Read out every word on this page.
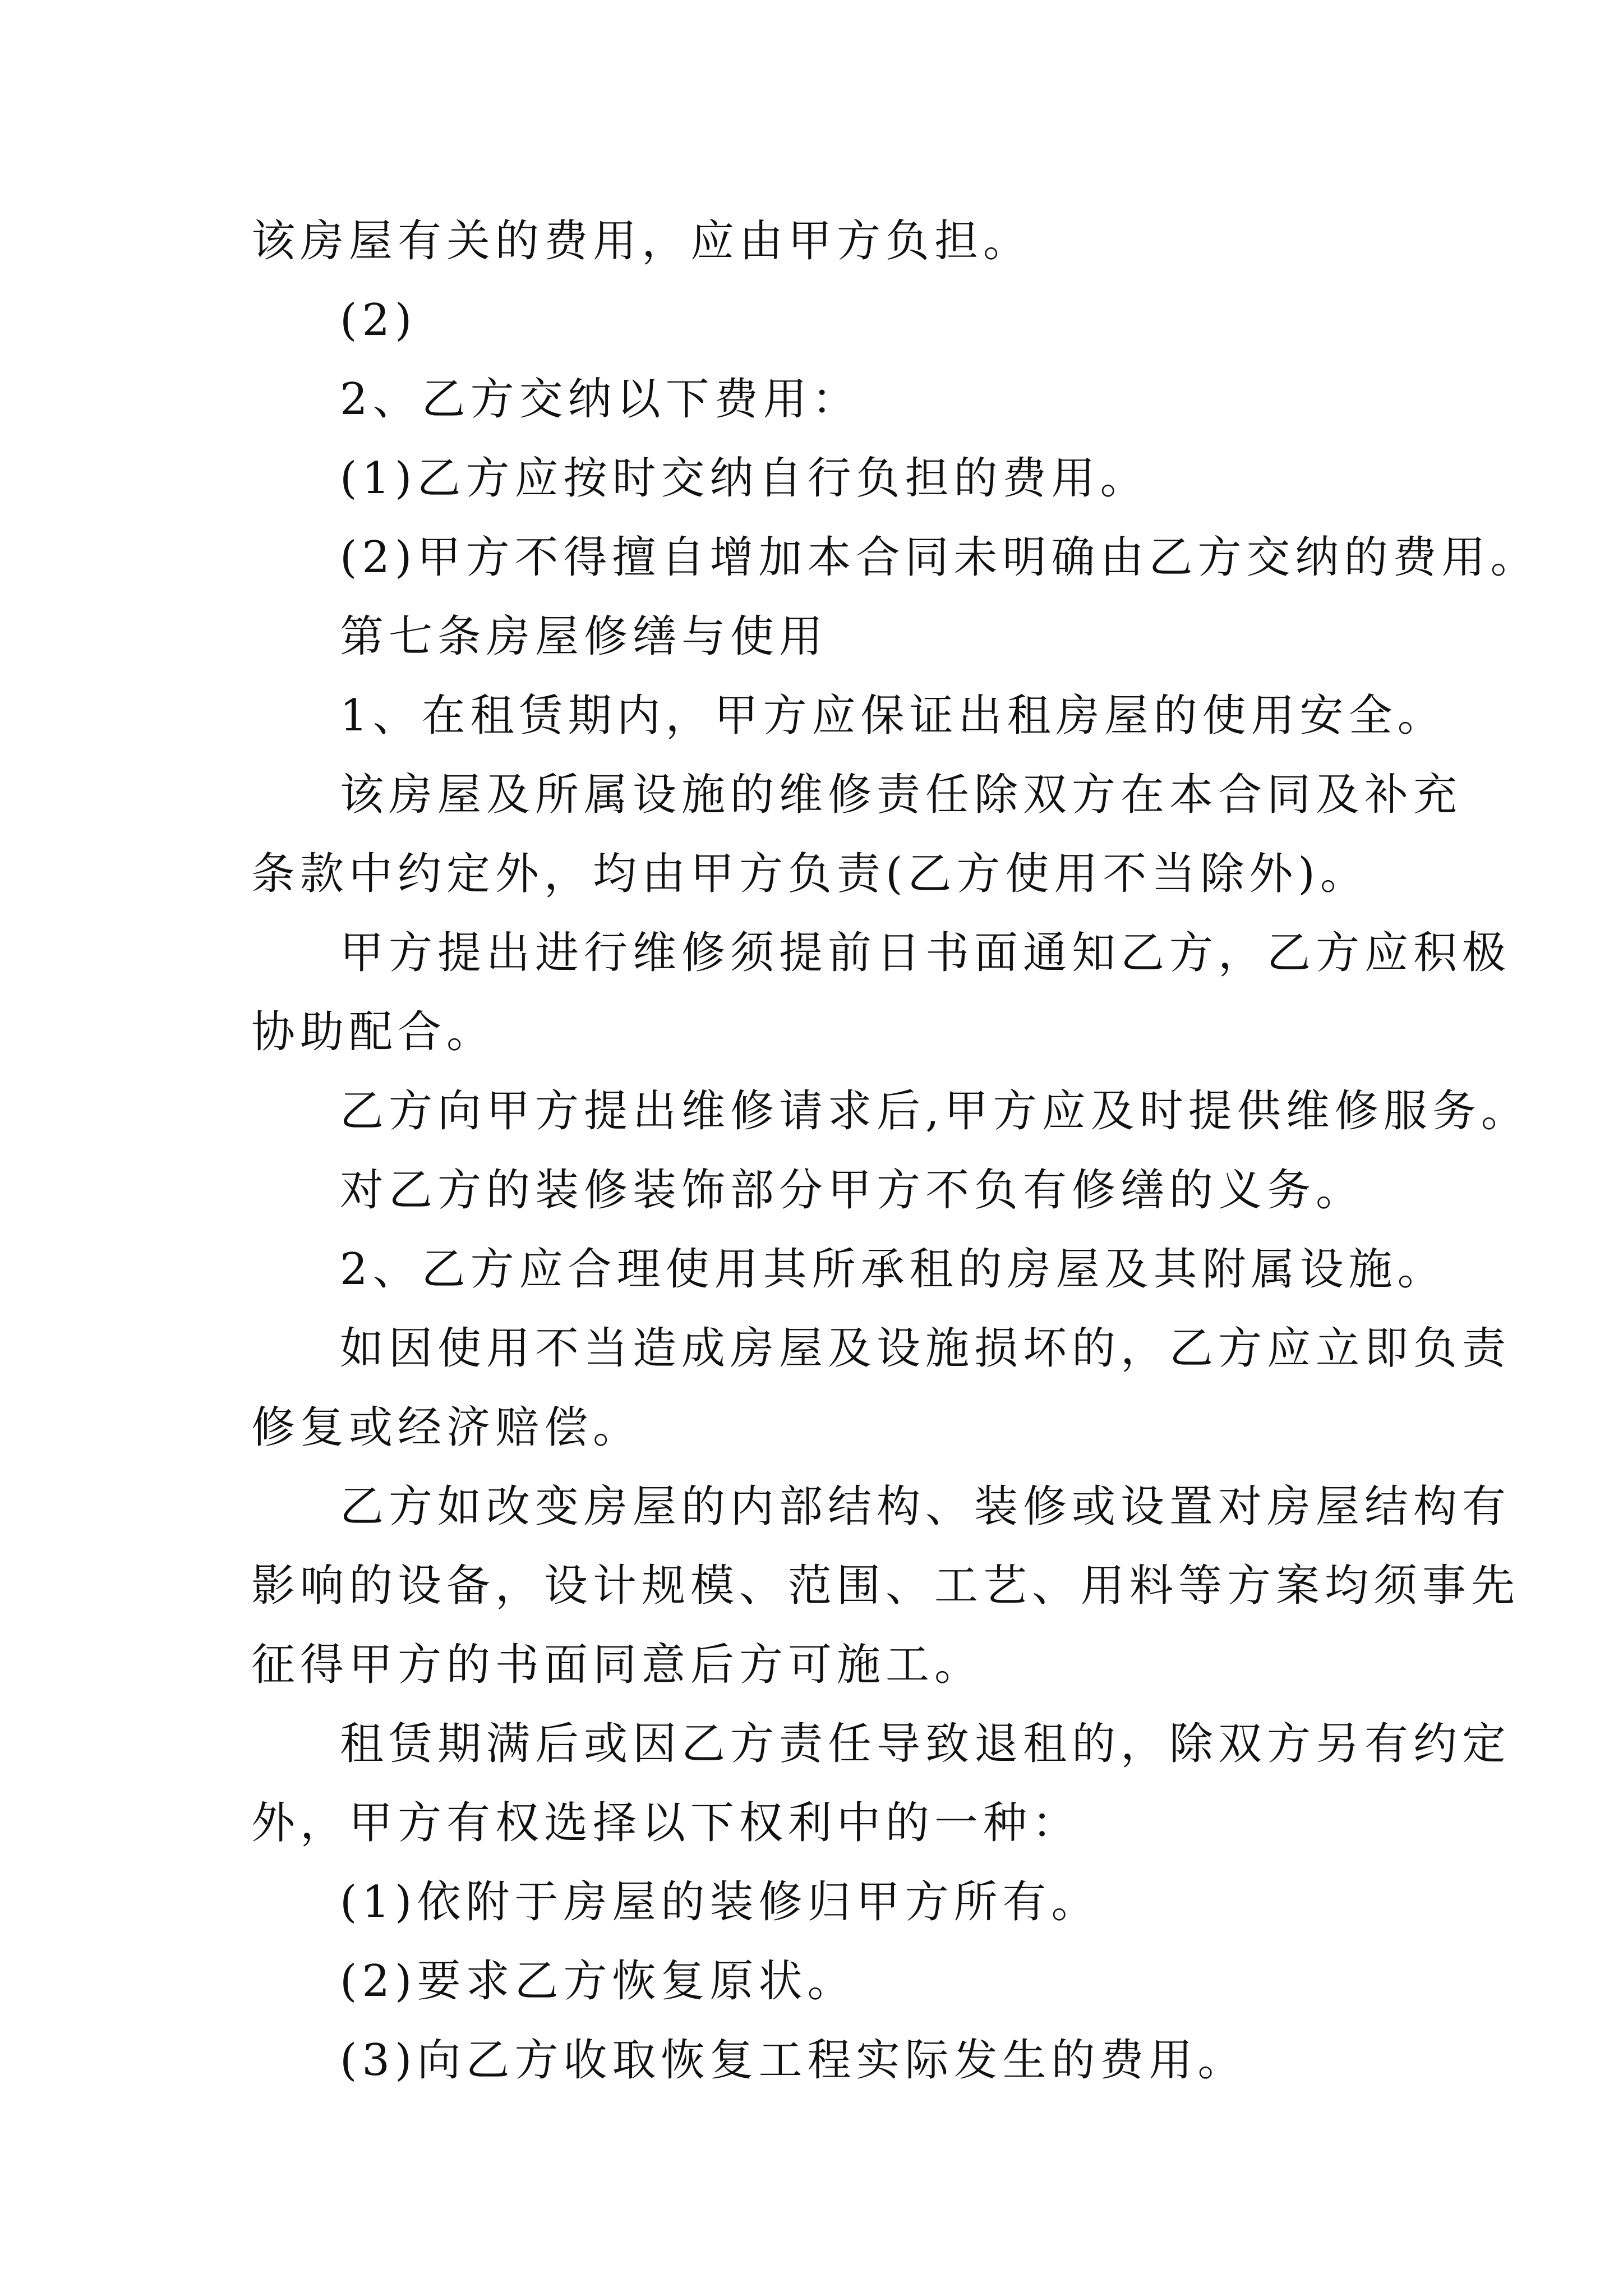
该房屋有关的费用，应由甲方负担。
(2)
2、乙方交纳以下费用：
(1)乙方应按时交纳自行负担的费用。
(2)甲方不得擅自增加本合同未明确由乙方交纳的费用。
第七条房屋修缮与使用
1、在租赁期内，甲方应保证出租房屋的使用安全。
该房屋及所属设施的维修责任除双方在本合同及补充
条款中约定外，均由甲方负责(乙方使用不当除外)。
甲方提出进行维修须提前日书面通知乙方，乙方应积极
协助配合。
乙方向甲方提出维修请求后,甲方应及时提供维修服务。
对乙方的装修装饰部分甲方不负有修缮的义务。
2、乙方应合理使用其所承租的房屋及其附属设施。
如因使用不当造成房屋及设施损坏的，乙方应立即负责
修复或经济赔偿。
乙方如改变房屋的内部结构、装修或设置对房屋结构有
影响的设备，设计规模、范围、工艺、用料等方案均须事先
征得甲方的书面同意后方可施工。
租赁期满后或因乙方责任导致退租的，除双方另有约定
外，甲方有权选择以下权利中的一种：
(1)依附于房屋的装修归甲方所有。
(2)要求乙方恢复原状。
(3)向乙方收取恢复工程实际发生的费用。
